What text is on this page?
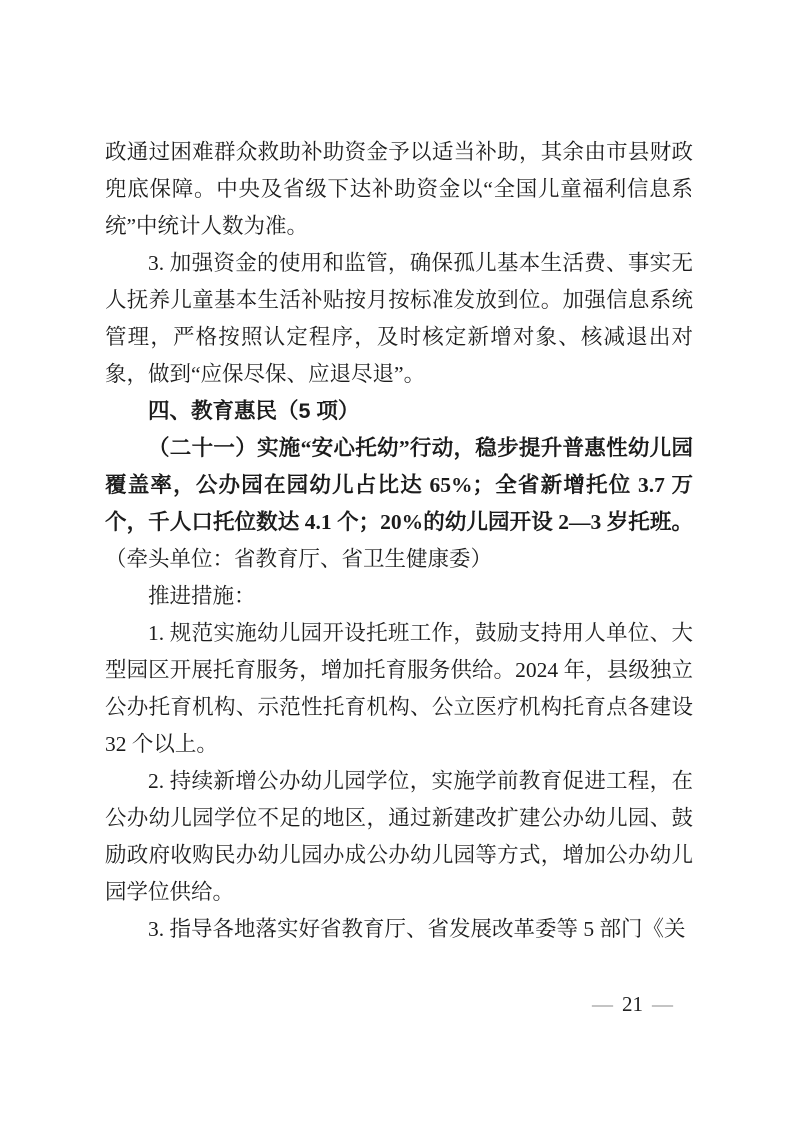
政通过困难群众救助补助资金予以适当补助，其余由市县财政兜底保障。中央及省级下达补助资金以“全国儿童福利信息系统”中统计人数为准。

3. 加强资金的使用和监管，确保孤儿基本生活费、事实无人抚养儿童基本生活补贴按月按标准发放到位。加强信息系统管理，严格按照认定程序，及时核定新增对象、核减退出对象，做到“应保尽保、应退尽退”。

四、教育惠民（5 项）

（二十一）实施“安心托幼”行动，稳步提升普惠性幼儿园覆盖率，公办园在园幼儿占比达 65%；全省新增托位 3.7 万个，千人口托位数达 4.1 个；20%的幼儿园开设 2—3 岁托班。（牵头单位：省教育厅、省卫生健康委）

推进措施：

1. 规范实施幼儿园开设托班工作，鼓励支持用人单位、大型园区开展托育服务，增加托育服务供给。2024 年，县级独立公办托育机构、示范性托育机构、公立医疗机构托育点各建设 32 个以上。

2. 持续新增公办幼儿园学位，实施学前教育促进工程，在公办幼儿园学位不足的地区，通过新建改扩建公办幼儿园、鼓励政府收购民办幼儿园办成公办幼儿园等方式，增加公办幼儿园学位供给。

3. 指导各地落实好省教育厅、省发展改革委等 5 部门《关

— 21 —
